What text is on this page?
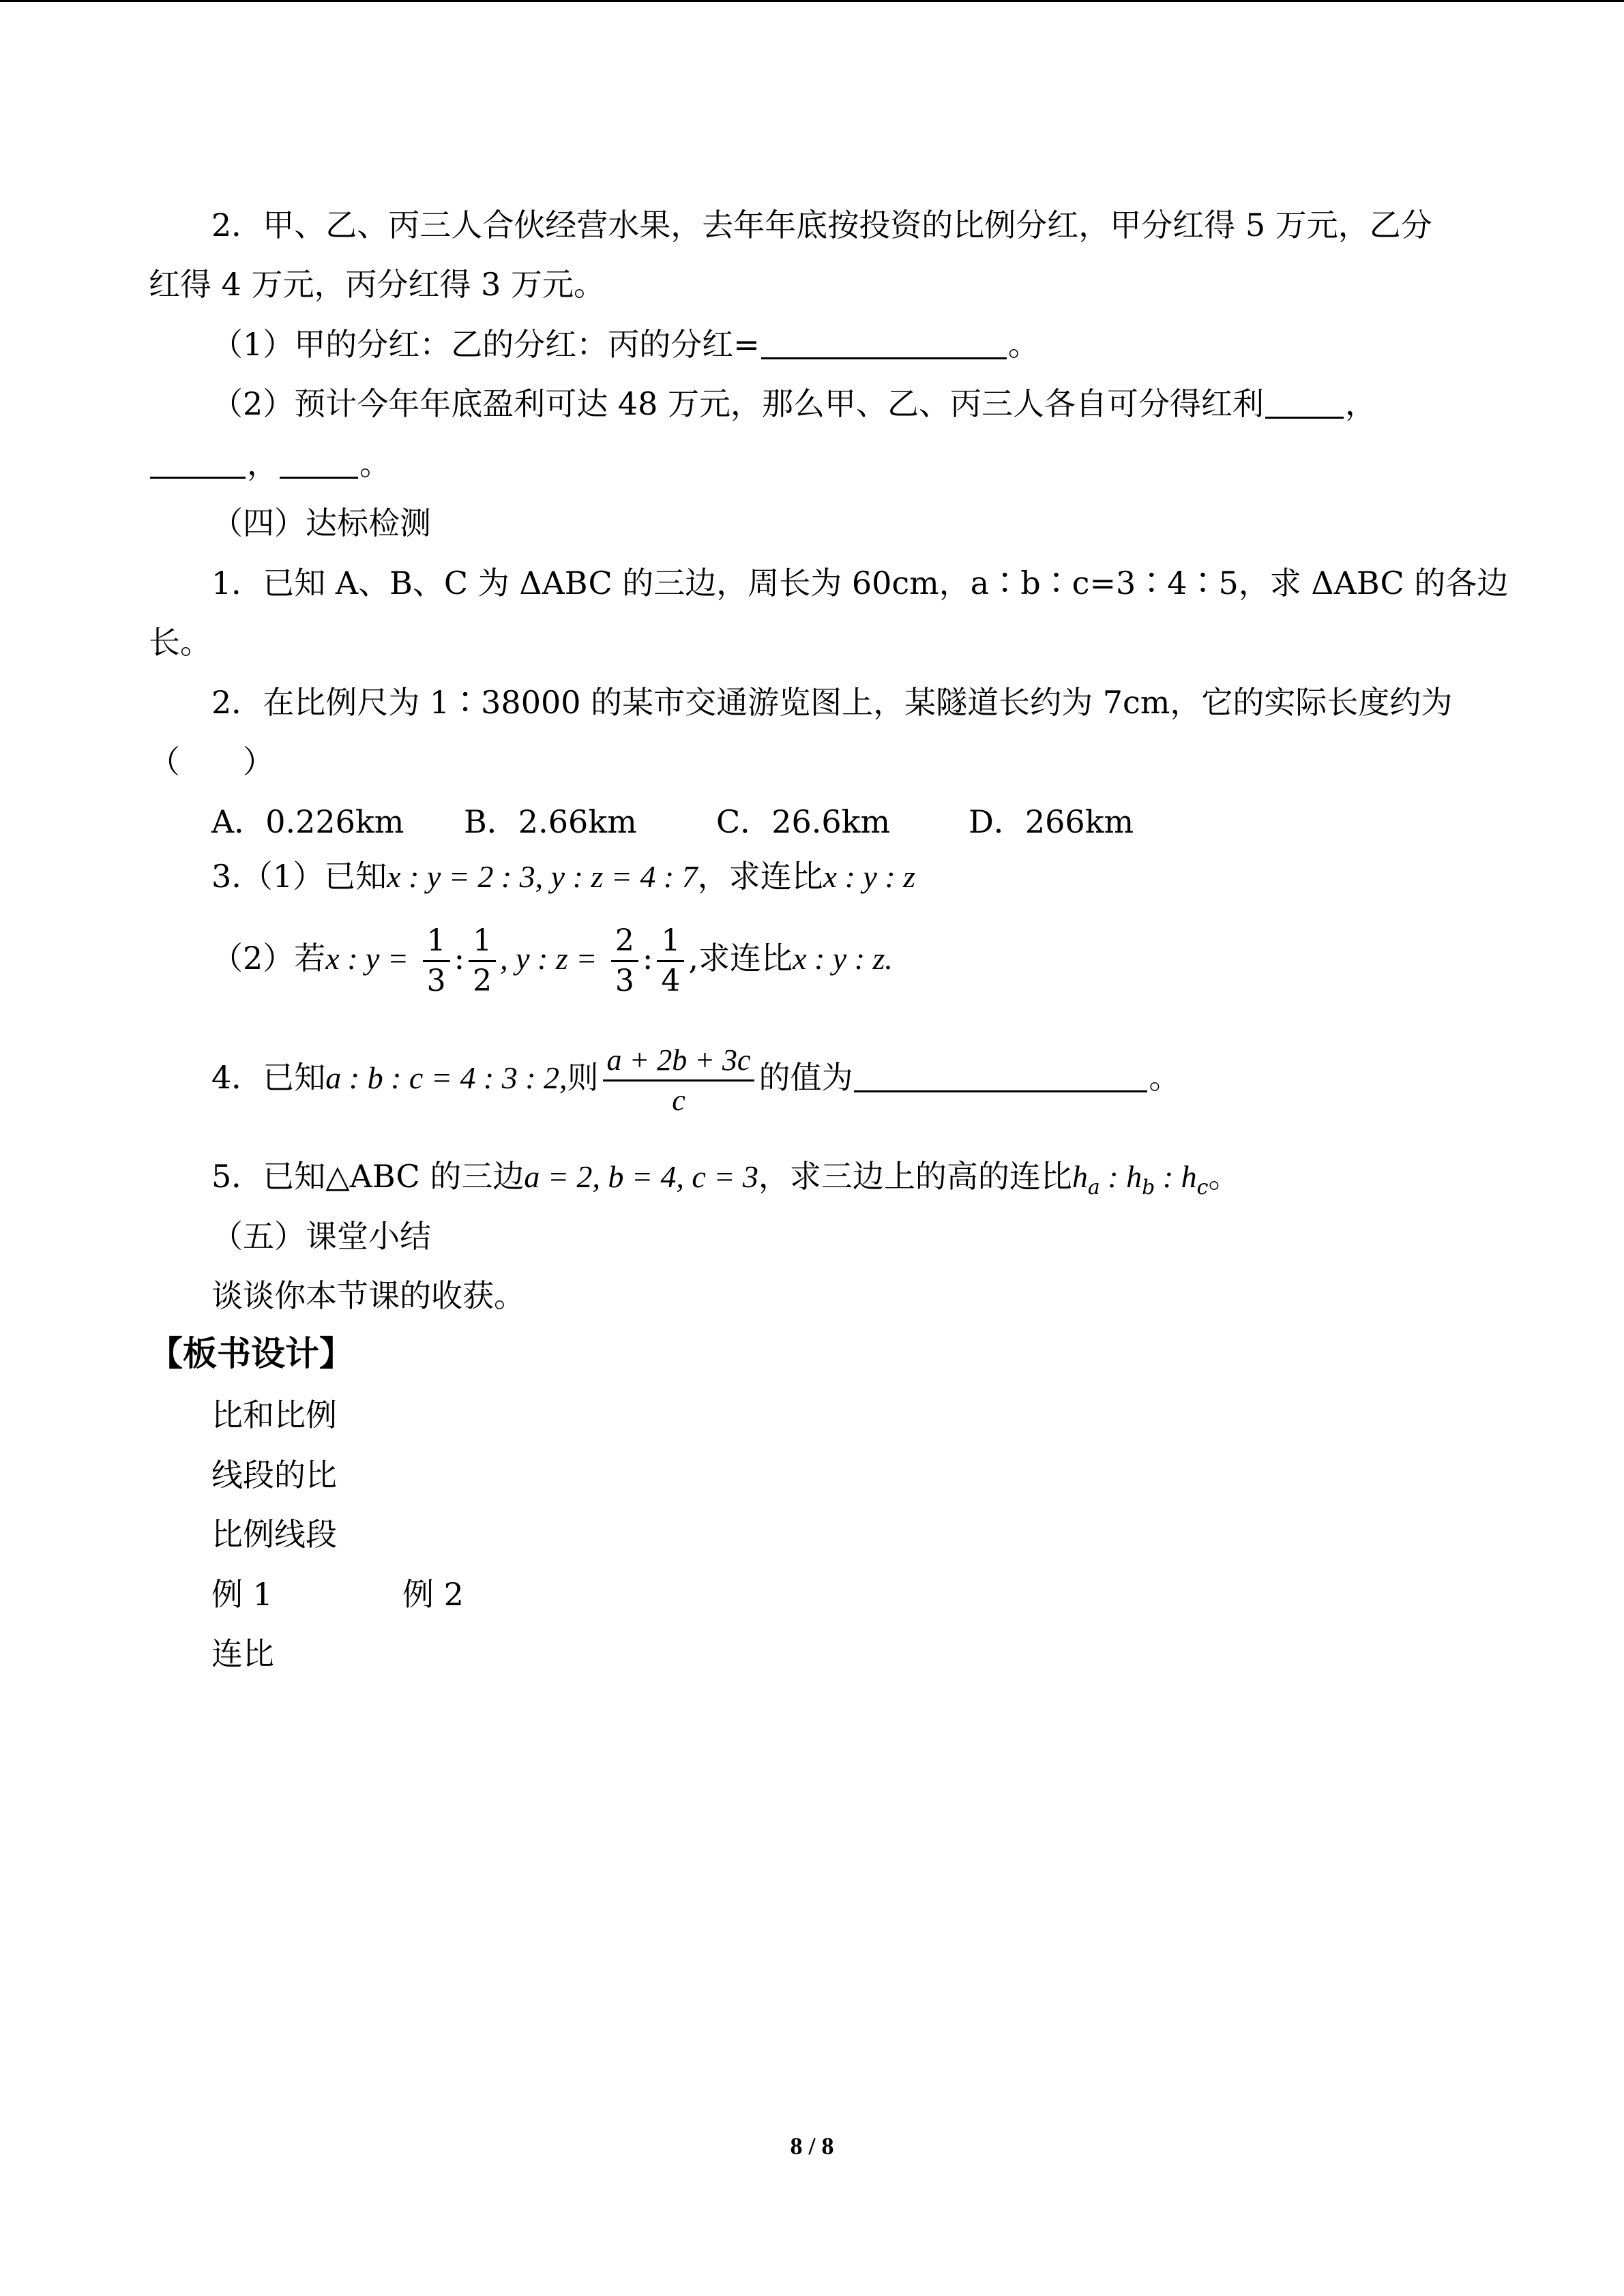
2．甲、乙、丙三人合伙经营水果，去年年底按投资的比例分红，甲分红得 5 万元，乙分
红得 4 万元，丙分红得 3 万元。
（1）甲的分红：乙的分红：丙的分红=	。
（2）预计今年年底盈利可达 48 万元，那么甲、乙、丙三人各自可分得红利	，
，	。
（四）达标检测
1．已知 A、B、C 为 ΔABC 的三边，周长为 60cm，a∶b∶c=3∶4∶5，求 ΔABC 的各边
长。
2．在比例尺为 1∶38000 的某市交通游览图上，某隧道长约为 7cm，它的实际长度约为
（　　）
A．0.226km B．2.66km	C．26.6km D．266km
3.（1）已知x : y = 2 : 3, y : z = 4 : 7，求连比x : y : z
（2）若x : $y = \frac{1}{3}$ : $\frac{1}{2}$ , y : $z = \frac{2}{3}$ : $\frac{1}{4}$ ,求连比x : y : z.
4．已知a : b : c = 4 : 3 : 2,则 $\frac{a + 2b + 3c}{c}$ 的值为	。
5．已知△ABC 的三边a = 2, b = 4, c = 3，求三边上的高的连比$h_a$ : $h_b$ : $h_c$。
（五）课堂小结
谈谈你本节课的收获。
【板书设计】
比和比例
线段的比
比例线段
例 1	例 2
连比
8 / 8
